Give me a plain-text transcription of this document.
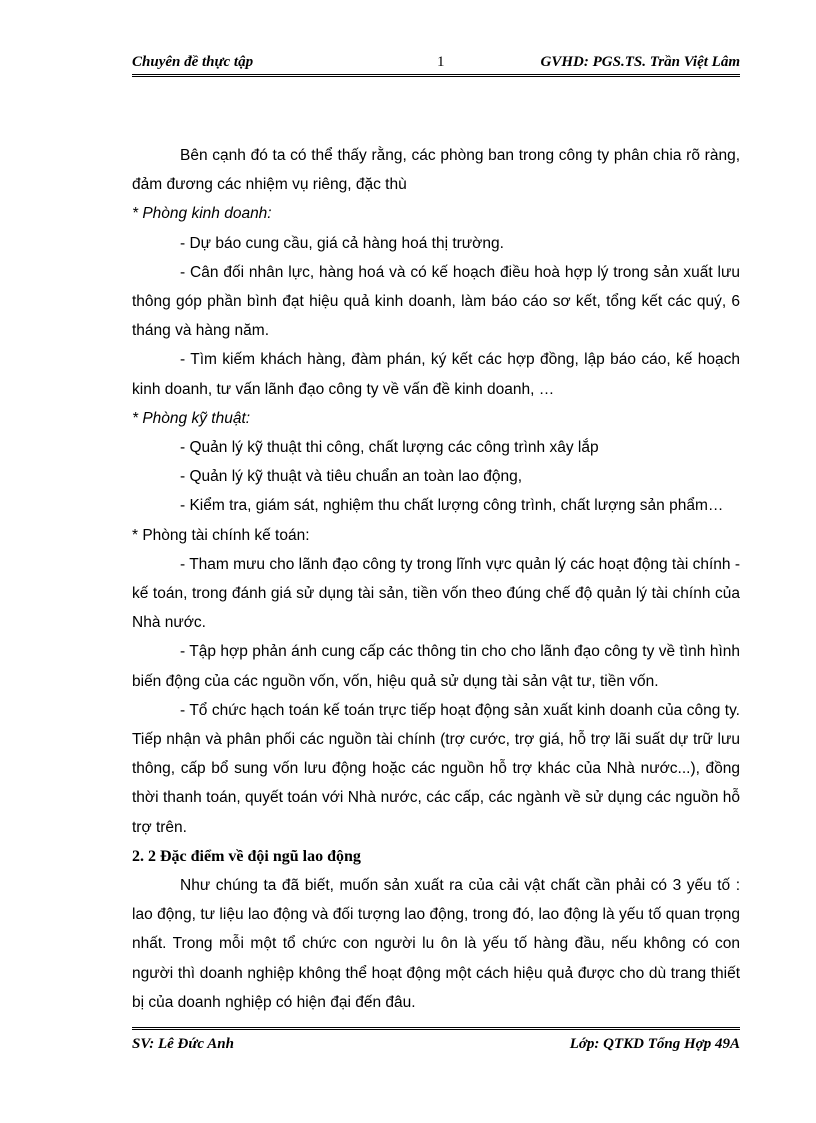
Chuyên đề thực tập	1	GVHD: PGS.TS. Trần Việt Lâm

Bên cạnh đó ta có thể thấy rằng, các phòng ban trong công ty phân chia rõ ràng, đảm đương các nhiệm vụ riêng, đặc thù

* Phòng kinh doanh:

- Dự báo cung cầu, giá cả hàng hoá thị trường.

- Cân đối nhân lực, hàng hoá và có kế hoạch điều hoà hợp lý trong sản xuất lưu thông góp phần bình đạt hiệu quả kinh doanh, làm báo cáo sơ kết, tổng kết các quý, 6 tháng và hàng năm.

- Tìm kiếm khách hàng, đàm phán, ký kết các hợp đồng, lập báo cáo, kế hoạch kinh doanh, tư vấn lãnh đạo công ty về vấn đề kinh doanh, …

* Phòng kỹ thuật:

- Quản lý kỹ thuật thi công, chất lượng các công trình xây lắp

- Quản lý kỹ thuật và tiêu chuẩn an toàn lao động,

- Kiểm tra, giám sát, nghiệm thu chất lượng công trình, chất lượng sản phẩm…

* Phòng tài chính kế toán:

- Tham mưu cho lãnh đạo công ty trong lĩnh vực quản lý các hoạt động tài chính - kế toán, trong đánh giá sử dụng tài sản, tiền vốn theo đúng chế độ quản lý tài chính của Nhà nước.

- Tập hợp phản ánh cung cấp các thông tin cho cho lãnh đạo công ty về tình hình biến động của các nguồn vốn, vốn, hiệu quả sử dụng tài sản vật tư, tiền vốn.

- Tổ chức hạch toán kế toán trực tiếp hoạt động sản xuất kinh doanh của công ty. Tiếp nhận và phân phối các nguồn tài chính (trợ cước, trợ giá, hỗ trợ lãi suất dự trữ lưu thông, cấp bổ sung vốn lưu động hoặc các nguồn hỗ trợ khác của Nhà nước...), đồng thời thanh toán, quyết toán với Nhà nước, các cấp, các ngành về sử dụng các nguồn hỗ trợ trên.

2. 2 Đặc điểm về đội ngũ lao động

Như chúng ta đã biết, muốn sản xuất ra của cải vật chất cần phải có 3 yếu tố : lao động, tư liệu lao động và đối tượng lao động, trong đó, lao động là yếu tố quan trọng nhất. Trong mỗi một tổ chức con người lu ôn là yếu tố hàng đầu, nếu không có con người thì doanh nghiệp không thể hoạt động một cách hiệu quả được cho dù trang thiết bị của doanh nghiệp có hiện đại đến đâu.

SV: Lê Đức Anh	Lớp: QTKD Tổng Hợp 49A
